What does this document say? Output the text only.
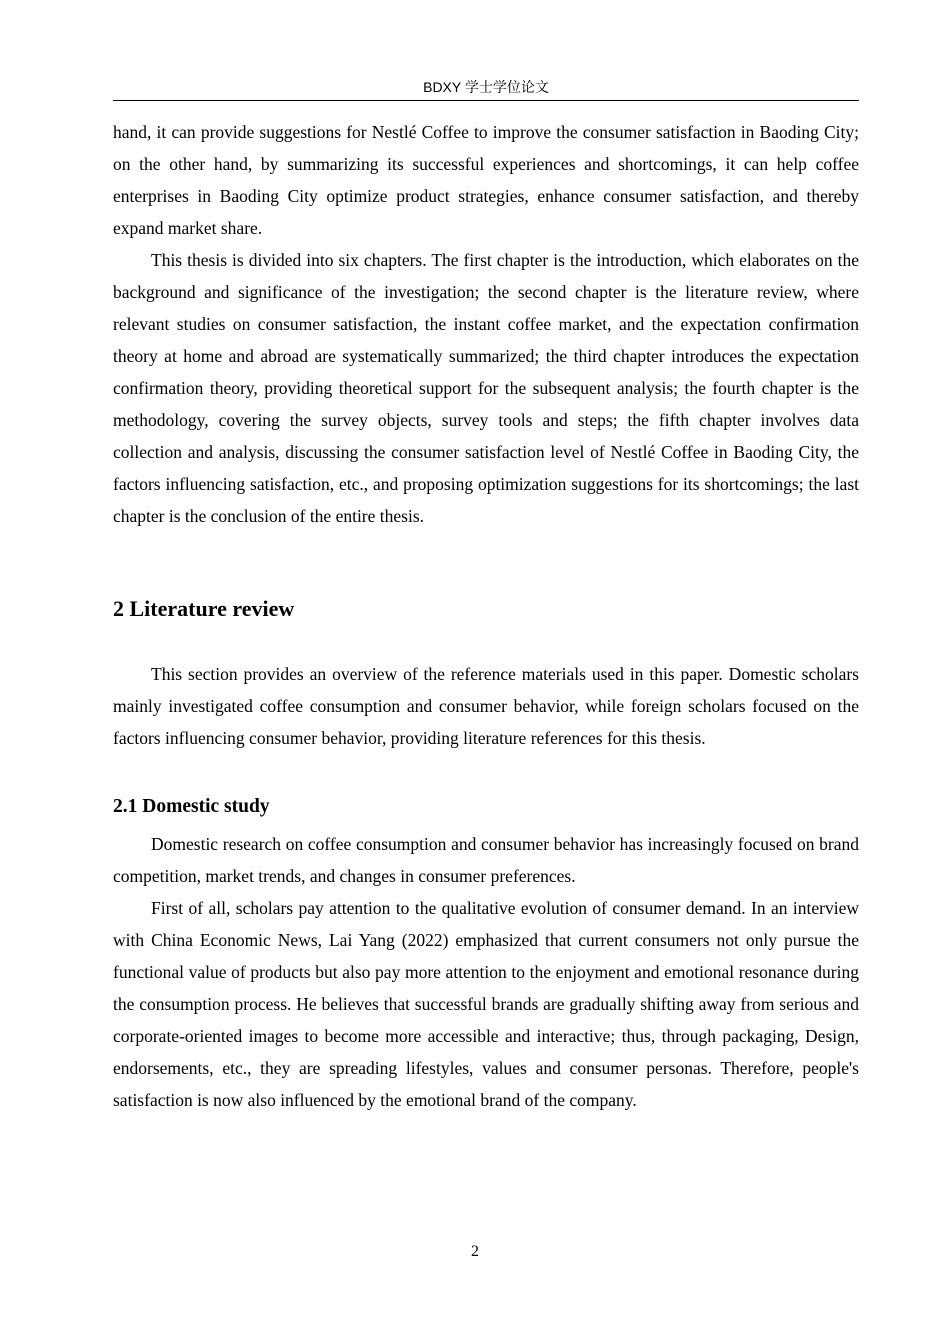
BDXY 学士学位论文

hand, it can provide suggestions for Nestlé Coffee to improve the consumer satisfaction in Baoding City; on the other hand, by summarizing its successful experiences and shortcomings, it can help coffee enterprises in Baoding City optimize product strategies, enhance consumer satisfaction, and thereby expand market share.

This thesis is divided into six chapters. The first chapter is the introduction, which elaborates on the background and significance of the investigation; the second chapter is the literature review, where relevant studies on consumer satisfaction, the instant coffee market, and the expectation confirmation theory at home and abroad are systematically summarized; the third chapter introduces the expectation confirmation theory, providing theoretical support for the subsequent analysis; the fourth chapter is the methodology, covering the survey objects, survey tools and steps; the fifth chapter involves data collection and analysis, discussing the consumer satisfaction level of Nestlé Coffee in Baoding City, the factors influencing satisfaction, etc., and proposing optimization suggestions for its shortcomings; the last chapter is the conclusion of the entire thesis.

2 Literature review

This section provides an overview of the reference materials used in this paper. Domestic scholars mainly investigated coffee consumption and consumer behavior, while foreign scholars focused on the factors influencing consumer behavior, providing literature references for this thesis.

2.1 Domestic study

Domestic research on coffee consumption and consumer behavior has increasingly focused on brand competition, market trends, and changes in consumer preferences.

First of all, scholars pay attention to the qualitative evolution of consumer demand. In an interview with China Economic News, Lai Yang (2022) emphasized that current consumers not only pursue the functional value of products but also pay more attention to the enjoyment and emotional resonance during the consumption process. He believes that successful brands are gradually shifting away from serious and corporate-oriented images to become more accessible and interactive; thus, through packaging, Design, endorsements, etc., they are spreading lifestyles, values and consumer personas. Therefore, people's satisfaction is now also influenced by the emotional brand of the company.

2
